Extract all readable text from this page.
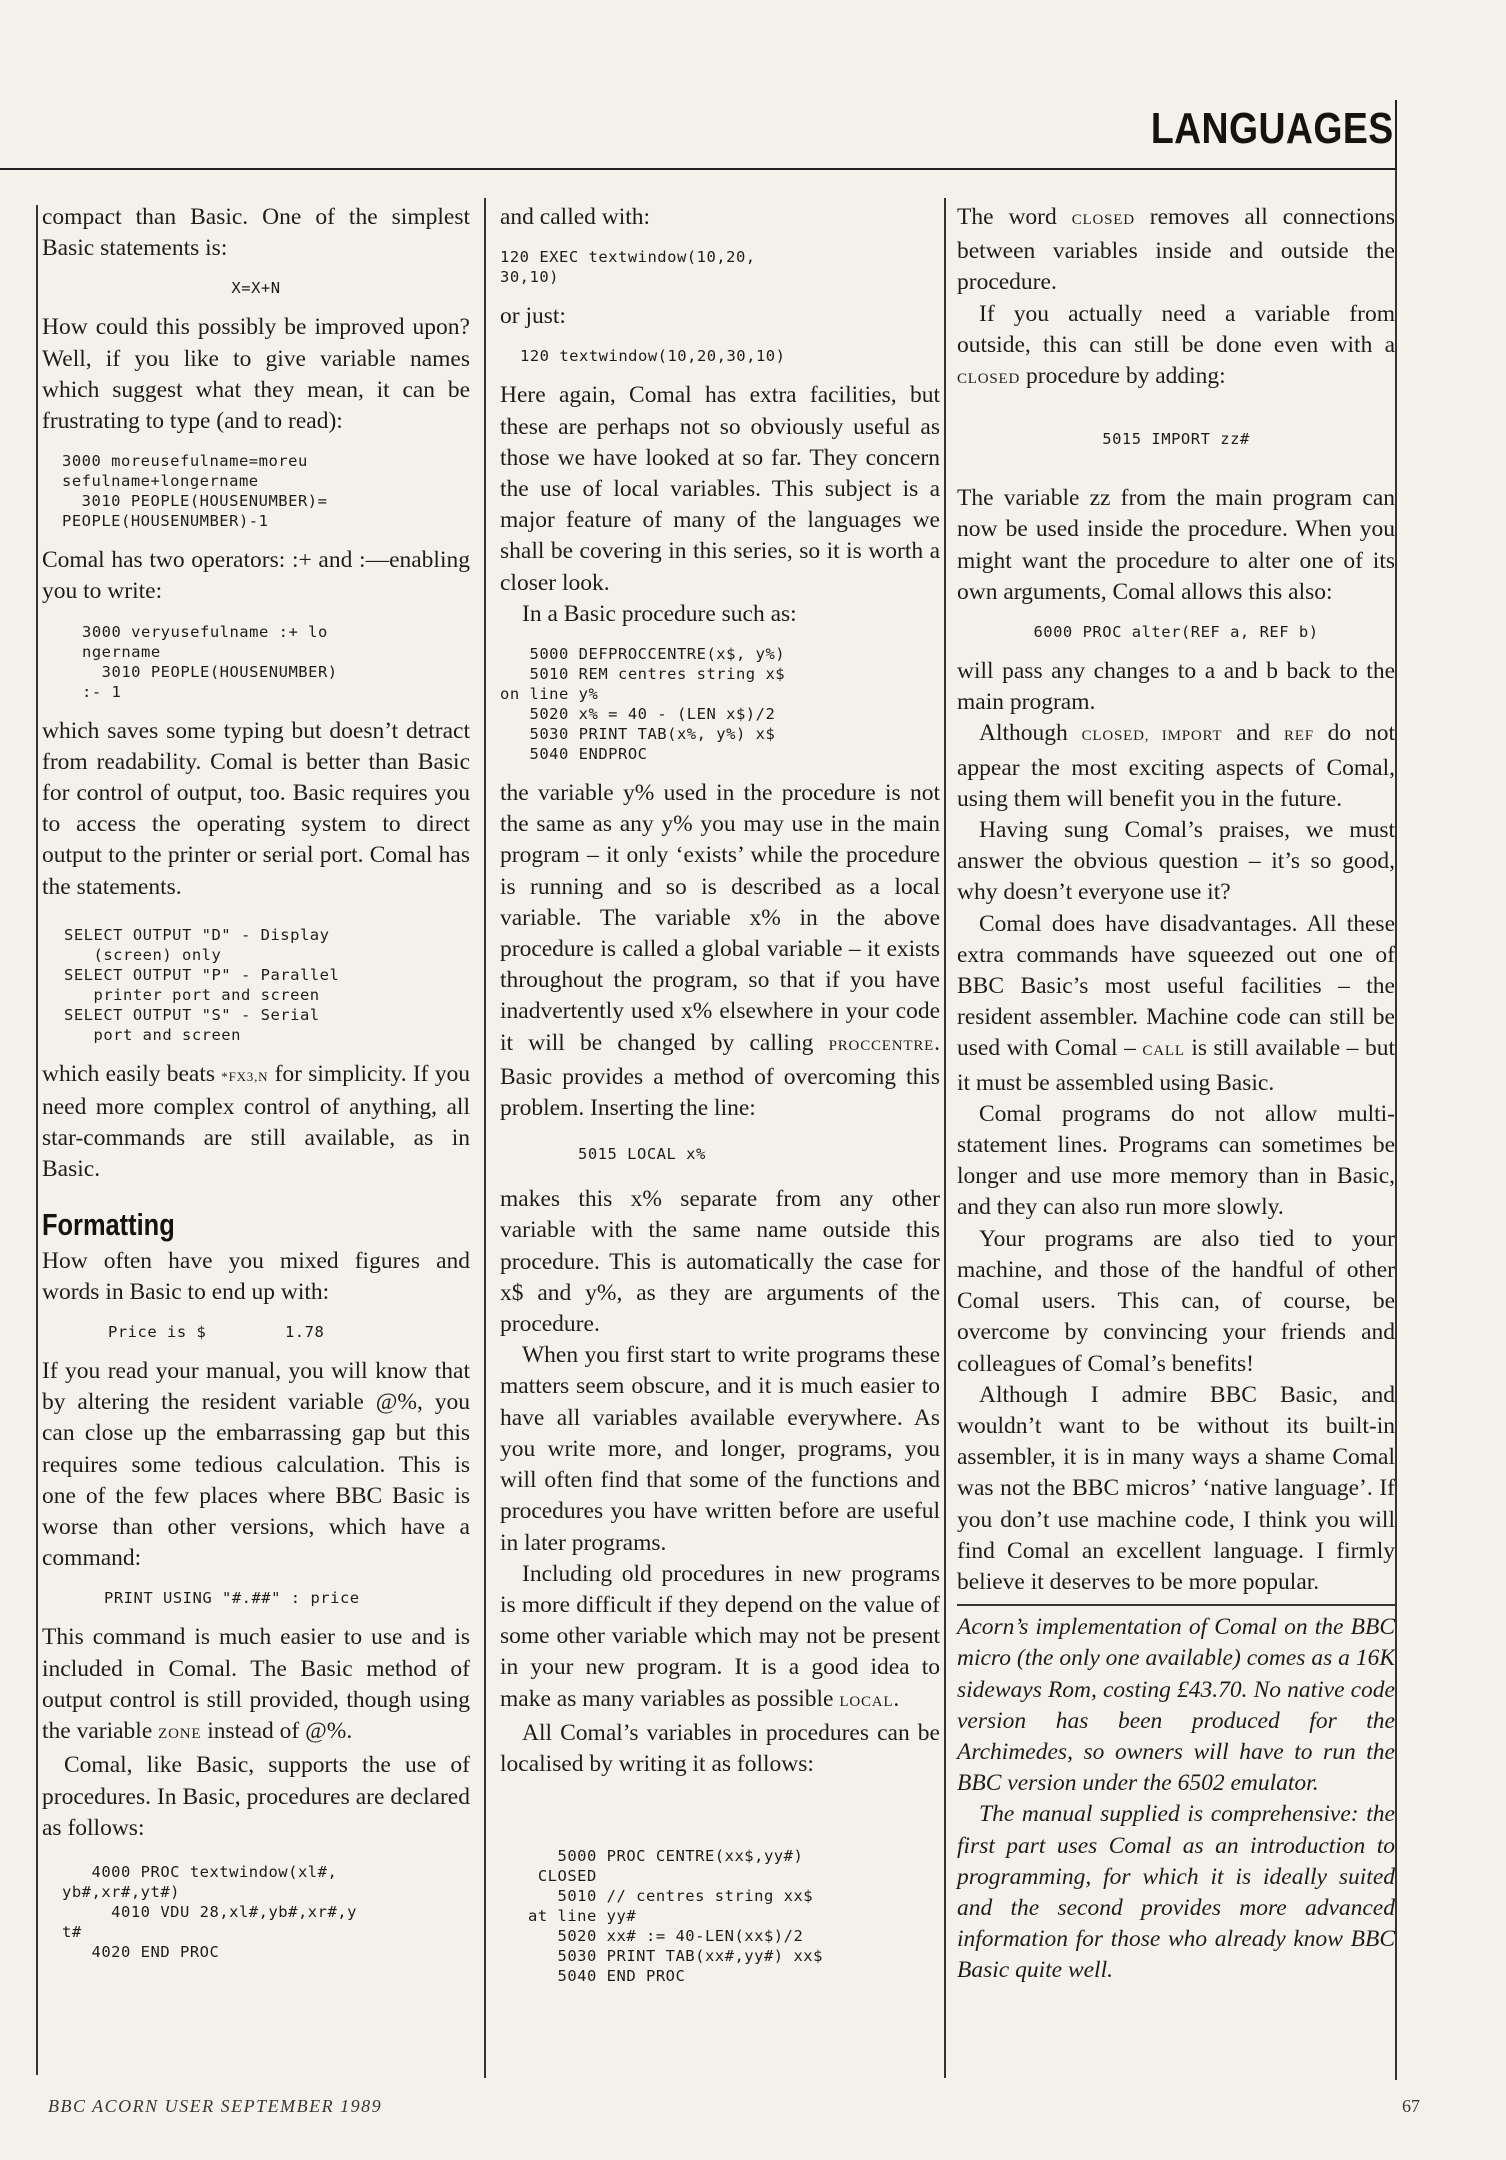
LANGUAGES

compact than Basic. One of the simplest Basic statements is:

X=X+N

How could this possibly be improved upon? Well, if you like to give variable names which suggest what they mean, it can be frustrating to type (and to read):

3000 moreusefulname=moreu
sefulname+longername
3010 PEOPLE(HOUSENUMBER)=
PEOPLE(HOUSENUMBER)-1

Comal has two operators: :+ and :—enabling you to write:

3000 veryusefulname :+ lo
ngername
3010 PEOPLE(HOUSENUMBER)
:- 1

which saves some typing but doesn’t detract from readability. Comal is better than Basic for control of output, too. Basic requires you to access the operating system to direct output to the printer or serial port. Comal has the statements.

SELECT OUTPUT "D" - Display
(screen) only
SELECT OUTPUT "P" - Parallel
printer port and screen
SELECT OUTPUT "S" - Serial
port and screen

which easily beats *FX3,N for simplicity. If you need more complex control of anything, all star-commands are still available, as in Basic.

Formatting

How often have you mixed figures and words in Basic to end up with:

Price is $        1.78

If you read your manual, you will know that by altering the resident variable @%, you can close up the embarrassing gap but this requires some tedious calculation. This is one of the few places where BBC Basic is worse than other versions, which have a command:

PRINT USING "#.##" : price

This command is much easier to use and is included in Comal. The Basic method of output control is still provided, though using the variable ZONE instead of @%.

Comal, like Basic, supports the use of procedures. In Basic, procedures are declared as follows:

4000 PROC textwindow(xl#,
yb#,xr#,yt#)
4010 VDU 28,xl#,yb#,xr#,y
t#
4020 END PROC

and called with:

120 EXEC textwindow(10,20,
30,10)

or just:

120 textwindow(10,20,30,10)

Here again, Comal has extra facilities, but these are perhaps not so obviously useful as those we have looked at so far. They concern the use of local variables. This subject is a major feature of many of the languages we shall be covering in this series, so it is worth a closer look.

In a Basic procedure such as:

5000 DEFPROCCENTRE(x$, y%)
5010 REM centres string x$
on line y%
5020 x% = 40 - (LEN x$)/2
5030 PRINT TAB(x%, y%) x$
5040 ENDPROC

the variable y% used in the procedure is not the same as any y% you may use in the main program – it only ‘exists’ while the procedure is running and so is described as a local variable. The variable x% in the above procedure is called a global variable – it exists throughout the program, so that if you have inadvertently used x% elsewhere in your code it will be changed by calling PROCCENTRE. Basic provides a method of overcoming this problem. Inserting the line:

5015 LOCAL x%

makes this x% separate from any other variable with the same name outside this procedure. This is automatically the case for x$ and y%, as they are arguments of the procedure.

When you first start to write programs these matters seem obscure, and it is much easier to have all variables available everywhere. As you write more, and longer, programs, you will often find that some of the functions and procedures you have written before are useful in later programs.

Including old procedures in new programs is more difficult if they depend on the value of some other variable which may not be present in your new program. It is a good idea to make as many variables as possible LOCAL.

All Comal’s variables in procedures can be localised by writing it as follows:

5000 PROC CENTRE(xx$,yy#)
CLOSED
5010 // centres string xx$
at line yy#
5020 xx# := 40-LEN(xx$)/2
5030 PRINT TAB(xx#,yy#) xx$
5040 END PROC

The word CLOSED removes all connections between variables inside and outside the procedure.

If you actually need a variable from outside, this can still be done even with a CLOSED procedure by adding:

5015 IMPORT zz#

The variable zz from the main program can now be used inside the procedure. When you might want the procedure to alter one of its own arguments, Comal allows this also:

6000 PROC alter(REF a, REF b)

will pass any changes to a and b back to the main program.

Although CLOSED, IMPORT and REF do not appear the most exciting aspects of Comal, using them will benefit you in the future.

Having sung Comal’s praises, we must answer the obvious question – it’s so good, why doesn’t everyone use it?

Comal does have disadvantages. All these extra commands have squeezed out one of BBC Basic’s most useful facilities – the resident assembler. Machine code can still be used with Comal – CALL is still available – but it must be assembled using Basic.

Comal programs do not allow multi-statement lines. Programs can sometimes be longer and use more memory than in Basic, and they can also run more slowly.

Your programs are also tied to your machine, and those of the handful of other Comal users. This can, of course, be overcome by convincing your friends and colleagues of Comal’s benefits!

Although I admire BBC Basic, and wouldn’t want to be without its built-in assembler, it is in many ways a shame Comal was not the BBC micros’ ‘native language’. If you don’t use machine code, I think you will find Comal an excellent language. I firmly believe it deserves to be more popular.

Acorn’s implementation of Comal on the BBC micro (the only one available) comes as a 16K sideways Rom, costing £43.70. No native code version has been produced for the Archimedes, so owners will have to run the BBC version under the 6502 emulator.

The manual supplied is comprehensive: the first part uses Comal as an introduction to programming, for which it is ideally suited and the second provides more advanced information for those who already know BBC Basic quite well.

BBC ACORN USER SEPTEMBER 1989	67
